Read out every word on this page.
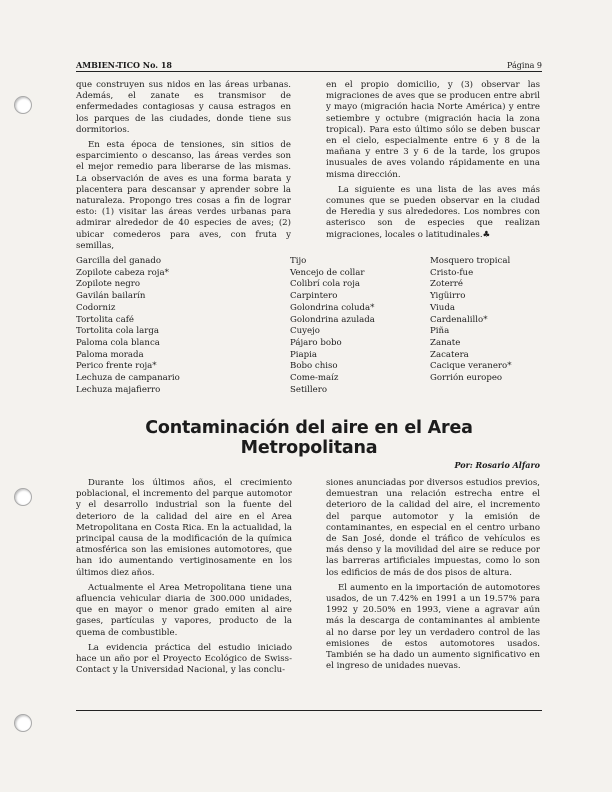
AMBIEN-TICO No. 18	Página 9

que construyen sus nidos en las áreas urbanas. Además, el zanate es transmisor de enfermedades contagiosas y causa estragos en los parques de las ciudades, donde tiene sus dormitorios.

En esta época de tensiones, sin sitios de esparcimiento o descanso, las áreas verdes son el mejor remedio para liberarse de las mismas. La observación de aves es una forma barata y placentera para descansar y aprender sobre la naturaleza. Propongo tres cosas a fin de lograr esto: (1) visitar las áreas verdes urbanas para admirar alrededor de 40 especies de aves; (2) ubicar comederos para aves, con fruta y semillas,

en el propio domicilio, y (3) observar las migraciones de aves que se producen entre abril y mayo (migración hacia Norte América) y entre setiembre y octubre (migración hacia la zona tropical). Para esto último sólo se deben buscar en el cielo, especialmente entre 6 y 8 de la mañana y entre 3 y 6 de la tarde, los grupos inusuales de aves volando rápidamente en una misma dirección.

La siguiente es una lista de las aves más comunes que se pueden observar en la ciudad de Heredia y sus alrededores. Los nombres con asterisco son de especies que realizan migraciones, locales o latitudinales.♣

Garcilla del ganado
Zopilote cabeza roja*
Zopilote negro
Gavilán bailarín
Codorniz
Tortolita café
Tortolita cola larga
Paloma cola blanca
Paloma morada
Perico frente roja*
Lechuza de campanario
Lechuza majafierro
Tijo
Vencejo de collar
Colibrí cola roja
Carpintero
Golondrina coluda*
Golondrina azulada
Cuyejo
Pájaro bobo
Piapia
Bobo chiso
Come-maíz
Setillero
Mosquero tropical
Cristo-fue
Zoterré
Yigüirro
Viuda
Cardenalillo*
Piña
Zanate
Zacatera
Cacique veranero*
Gorrión europeo
Contaminación del aire en el Area Metropolitana
Por: Rosario Alfaro

Durante los últimos años, el crecimiento poblacional, el incremento del parque automotor y el desarrollo industrial son la fuente del deterioro de la calidad del aire en el Area Metropolitana en Costa Rica. En la actualidad, la principal causa de la modificación de la química atmosférica son las emisiones automotores, que han ido aumentando vertiginosamente en los últimos diez años.

Actualmente el Area Metropolitana tiene una afluencia vehicular diaria de 300.000 unidades, que en mayor o menor grado emiten al aire gases, partículas y vapores, producto de la quema de combustible.

La evidencia práctica del estudio iniciado hace un año por el Proyecto Ecológico de Swiss-Contact y la Universidad Nacional, y las conclu-

siones anunciadas por diversos estudios previos, demuestran una relación estrecha entre el deterioro de la calidad del aire, el incremento del parque automotor y la emisión de contaminantes, en especial en el centro urbano de San José, donde el tráfico de vehículos es más denso y la movilidad del aire se reduce por las barreras artificiales impuestas, como lo son los edificios de más de dos pisos de altura.

El aumento en la importación de automotores usados, de un 7.42% en 1991 a un 19.57% para 1992 y 20.50% en 1993, viene a agravar aún más la descarga de contaminantes al ambiente al no darse por ley un verdadero control de las emisiones de estos automotores usados. También se ha dado un aumento significativo en el ingreso de unidades nuevas.
